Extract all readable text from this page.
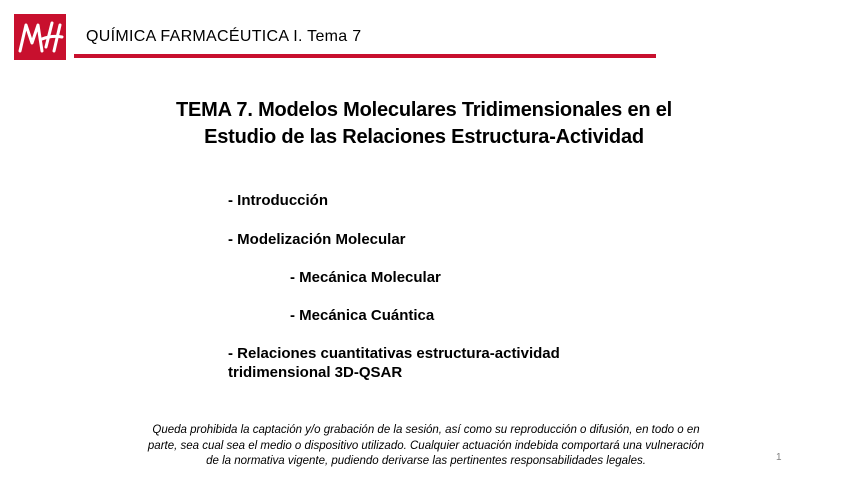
QUÍMICA FARMACÉUTICA I. Tema 7
TEMA 7. Modelos Moleculares Tridimensionales en el
Estudio de las Relaciones Estructura-Actividad
- Introducción
- Modelización Molecular
- Mecánica Molecular
- Mecánica Cuántica
- Relaciones cuantitativas estructura-actividad
tridimensional 3D-QSAR
Queda prohibida la captación y/o grabación de la sesión, así como su reproducción o difusión, en todo o en
parte, sea cual sea el medio o dispositivo utilizado. Cualquier actuación indebida comportará una vulneración
de la normativa vigente, pudiendo derivarse las pertinentes responsabilidades legales.	1
